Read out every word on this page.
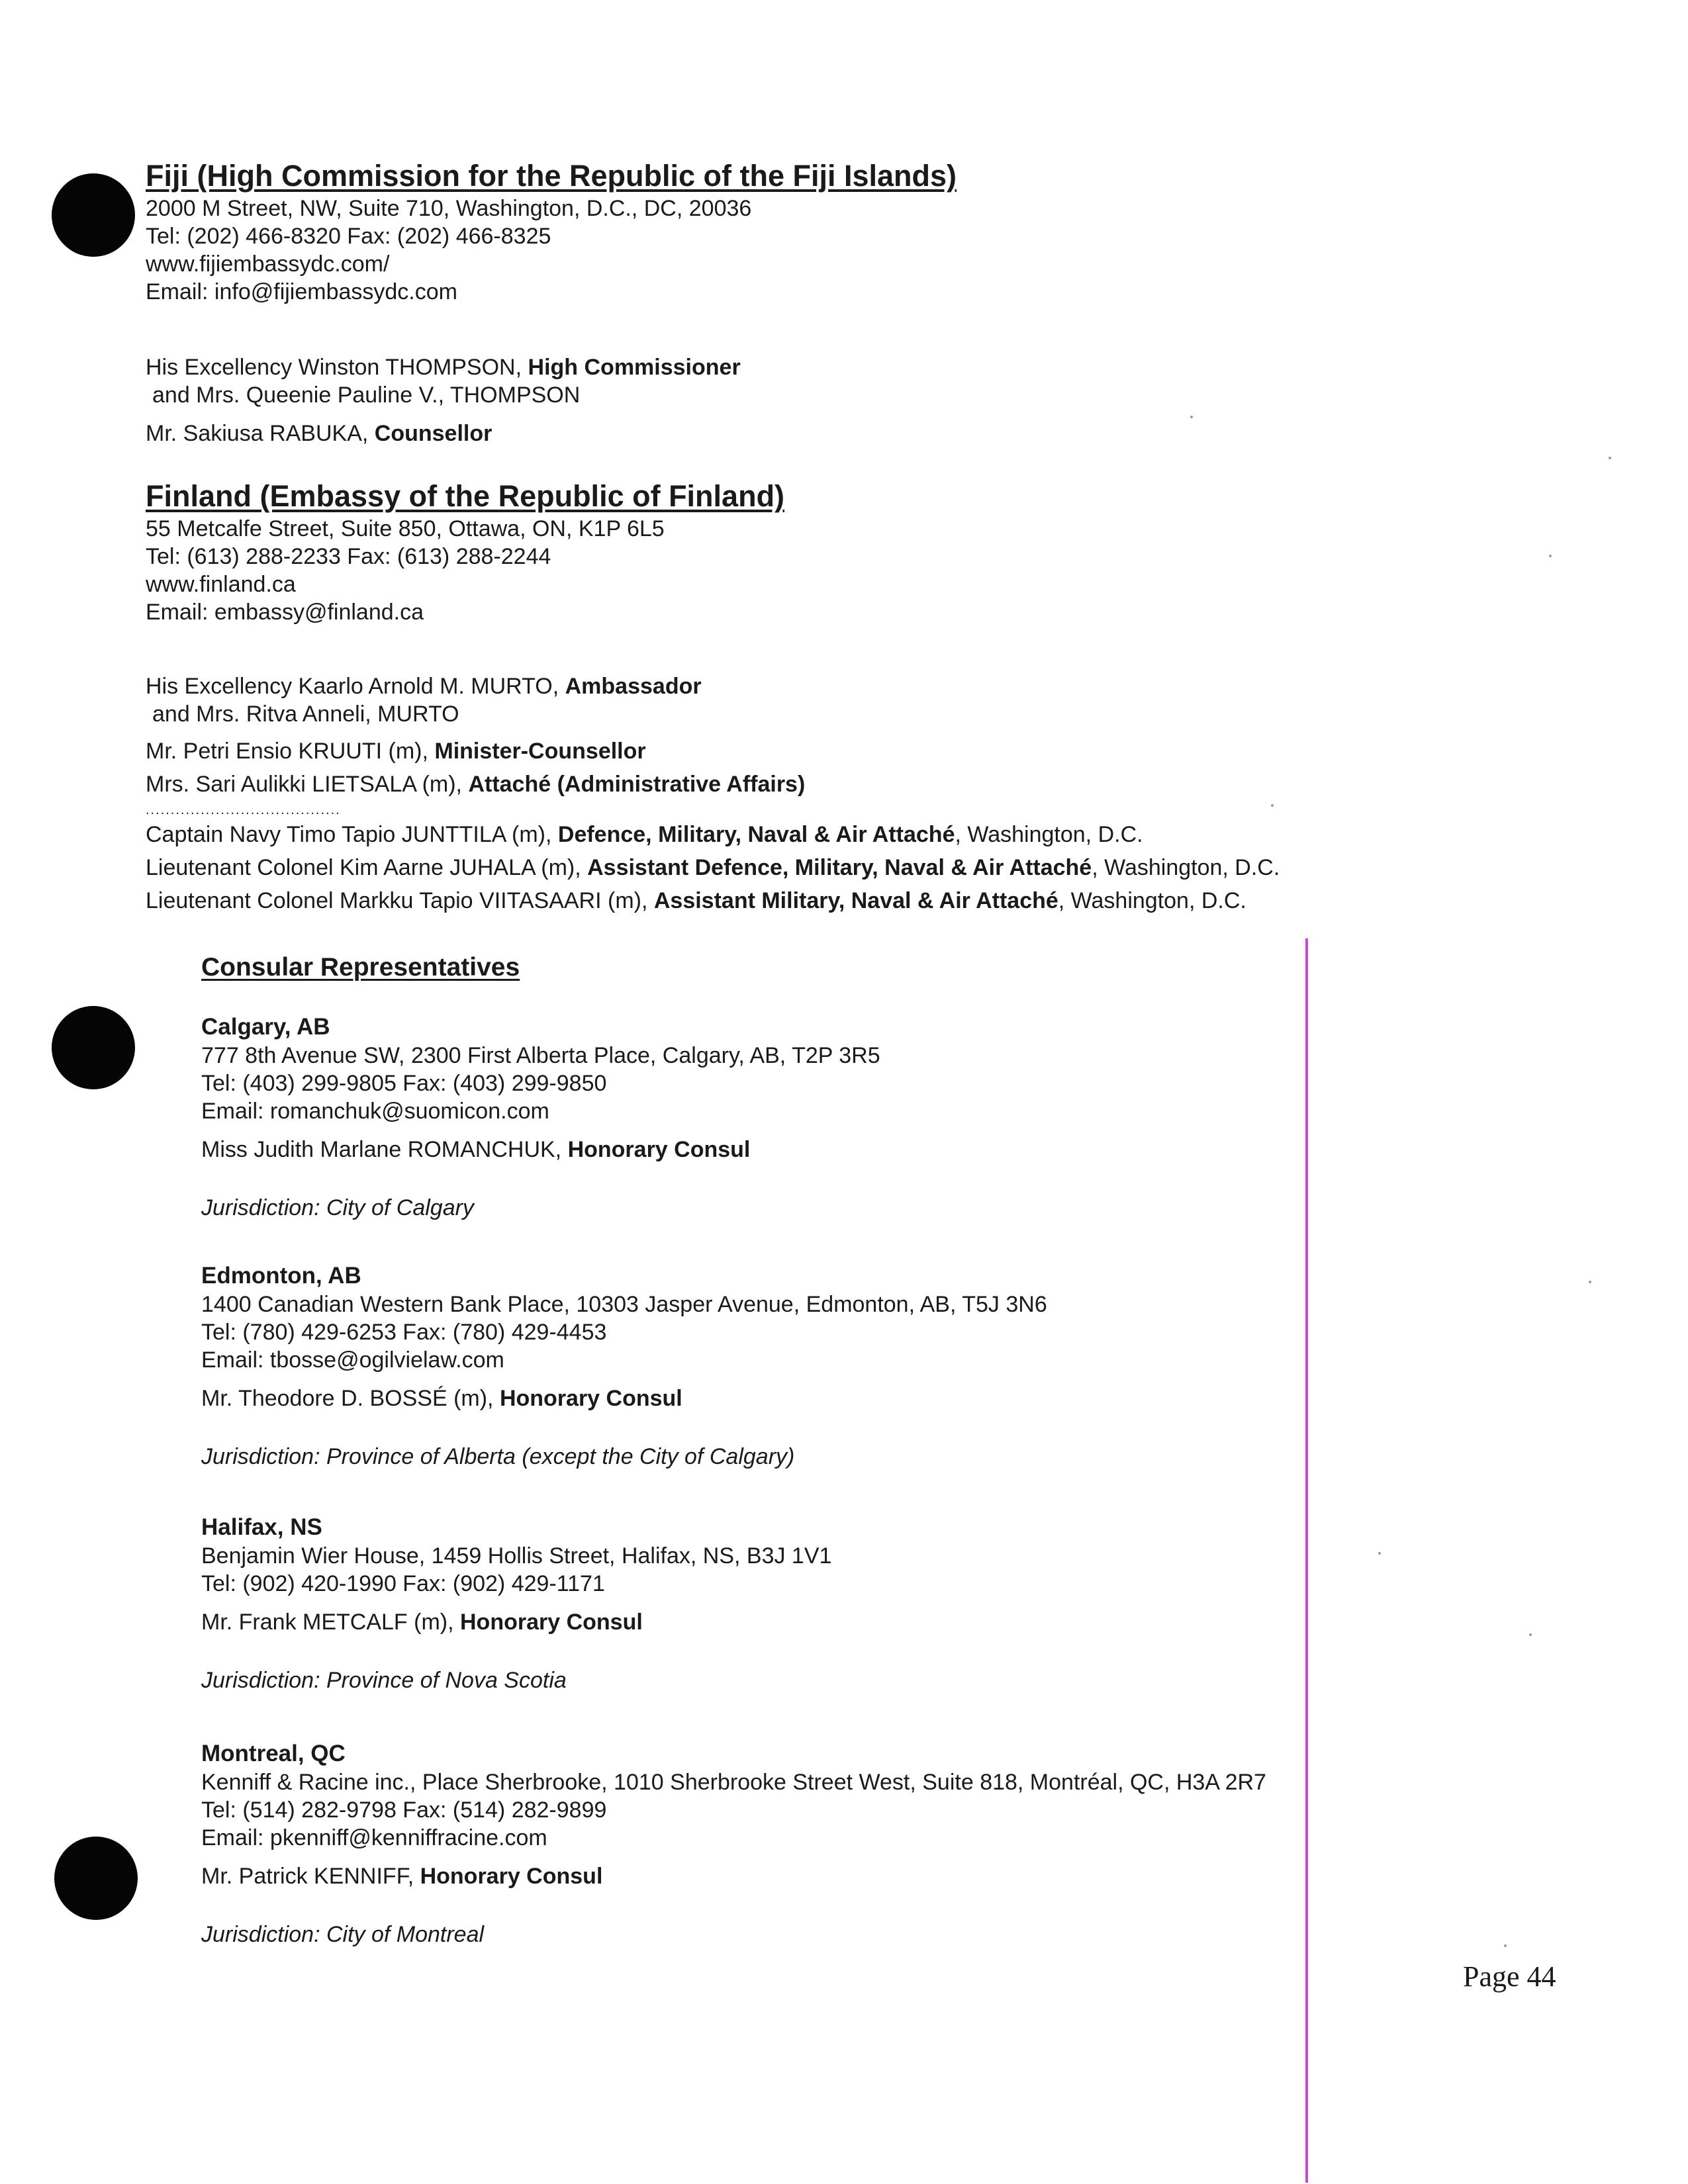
Fiji (High Commission for the Republic of the Fiji Islands)
2000 M Street, NW, Suite 710, Washington, D.C., DC, 20036
Tel: (202) 466-8320 Fax: (202) 466-8325
www.fijiembassydc.com/
Email: info@fijiembassydc.com
His Excellency Winston THOMPSON, High Commissioner
and Mrs. Queenie Pauline V., THOMPSON
Mr. Sakiusa RABUKA, Counsellor
Finland (Embassy of the Republic of Finland)
55 Metcalfe Street, Suite 850, Ottawa, ON, K1P 6L5
Tel: (613) 288-2233 Fax: (613) 288-2244
www.finland.ca
Email: embassy@finland.ca
His Excellency Kaarlo Arnold M. MURTO, Ambassador
and Mrs. Ritva Anneli, MURTO
Mr. Petri Ensio KRUUTI (m), Minister-Counsellor
Mrs. Sari Aulikki LIETSALA (m), Attaché (Administrative Affairs)
.......................................
Captain Navy Timo Tapio JUNTTILA (m), Defence, Military, Naval & Air Attaché, Washington, D.C.
Lieutenant Colonel Kim Aarne JUHALA (m), Assistant Defence, Military, Naval & Air Attaché, Washington, D.C.
Lieutenant Colonel Markku Tapio VIITASAARI (m), Assistant Military, Naval & Air Attaché, Washington, D.C.
Consular Representatives
Calgary, AB
777 8th Avenue SW, 2300 First Alberta Place, Calgary, AB, T2P 3R5
Tel: (403) 299-9805 Fax: (403) 299-9850
Email: romanchuk@suomicon.com
Miss Judith Marlane ROMANCHUK, Honorary Consul
Jurisdiction: City of Calgary
Edmonton, AB
1400 Canadian Western Bank Place, 10303 Jasper Avenue, Edmonton, AB, T5J 3N6
Tel: (780) 429-6253 Fax: (780) 429-4453
Email: tbosse@ogilvielaw.com
Mr. Theodore D. BOSSÉ (m), Honorary Consul
Jurisdiction: Province of Alberta (except the City of Calgary)
Halifax, NS
Benjamin Wier House, 1459 Hollis Street, Halifax, NS, B3J 1V1
Tel: (902) 420-1990 Fax: (902) 429-1171
Mr. Frank METCALF (m), Honorary Consul
Jurisdiction: Province of Nova Scotia
Montreal, QC
Kenniff & Racine inc., Place Sherbrooke, 1010 Sherbrooke Street West, Suite 818, Montréal, QC, H3A 2R7
Tel: (514) 282-9798 Fax: (514) 282-9899
Email: pkenniff@kenniffracine.com
Mr. Patrick KENNIFF, Honorary Consul
Jurisdiction: City of Montreal
Page 44
